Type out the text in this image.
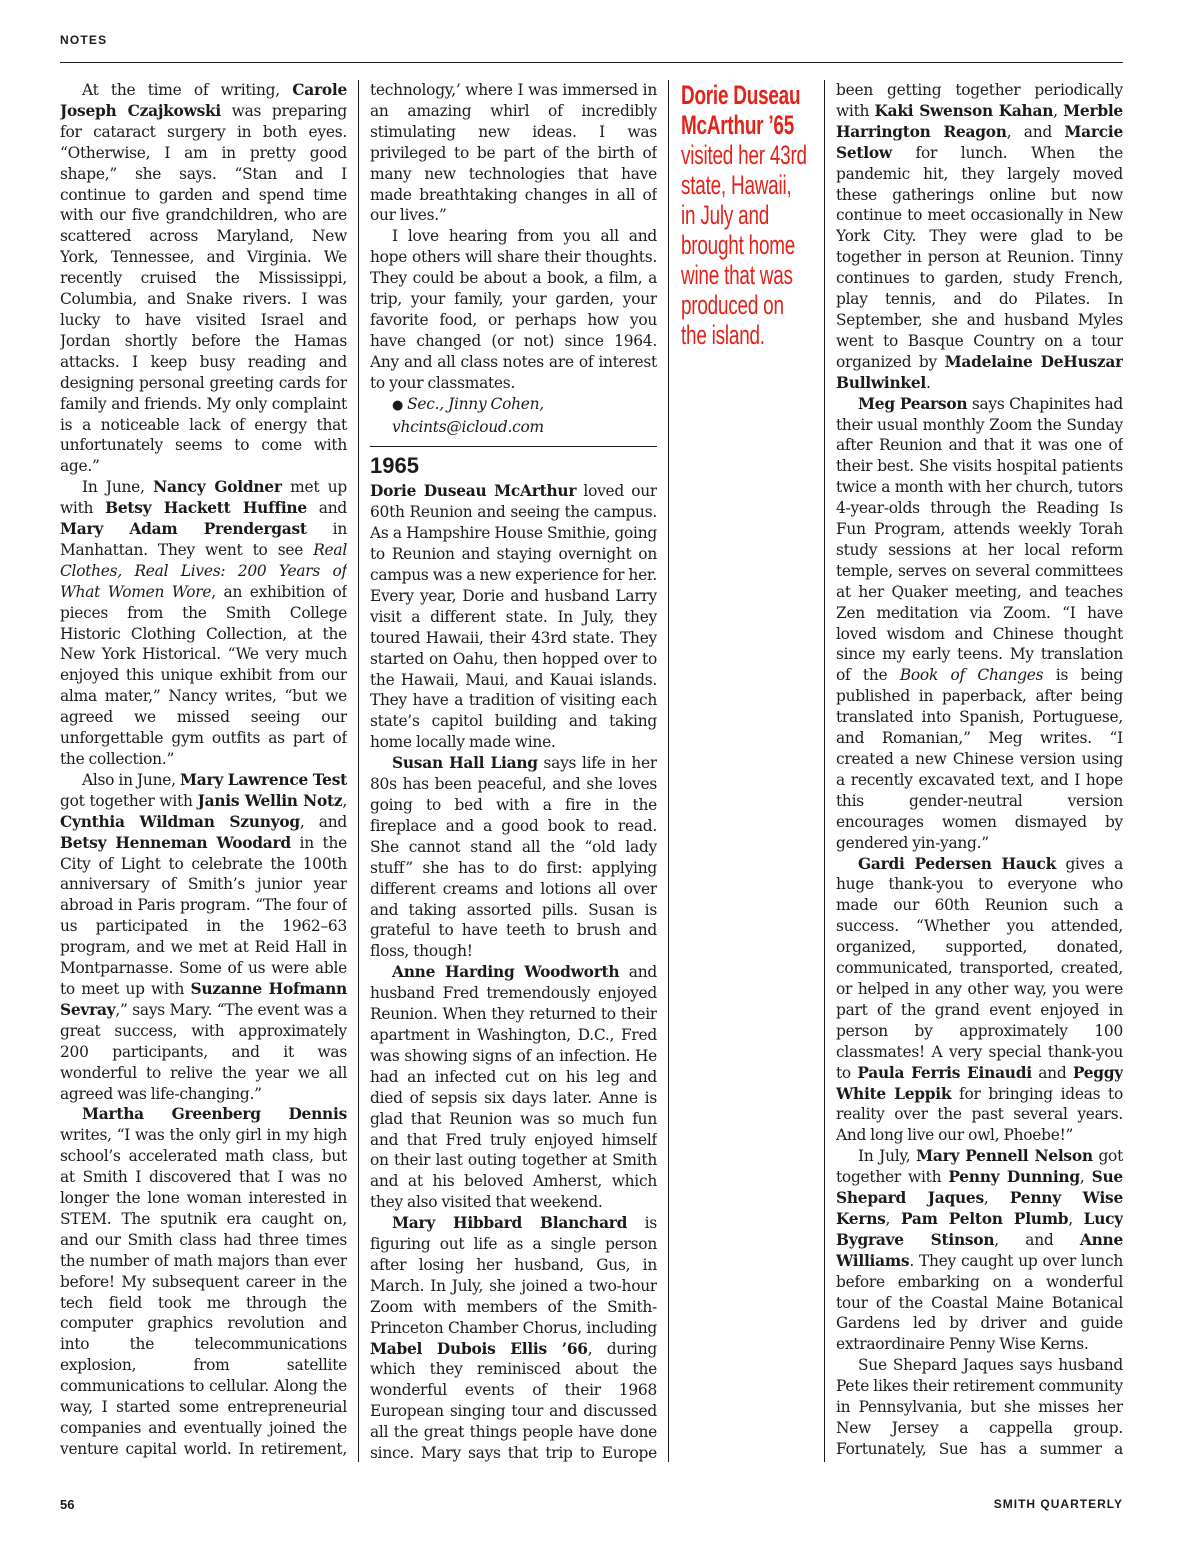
NOTES

At the time of writing, Carole Joseph Czajkowski was preparing for cataract surgery in both eyes. “Otherwise, I am in pretty good shape,” she says. “Stan and I continue to garden and spend time with our five grandchildren, who are scattered across Maryland, New York, Tennessee, and Virginia. We recently cruised the Mississippi, Columbia, and Snake rivers. I was lucky to have visited Israel and Jordan shortly before the Hamas attacks. I keep busy reading and designing personal greeting cards for family and friends. My only complaint is a noticeable lack of energy that unfortunately seems to come with age.”

In June, Nancy Goldner met up with Betsy Hackett Huffine and Mary Adam Prendergast in Manhattan. They went to see Real Clothes, Real Lives: 200 Years of What Women Wore, an exhibition of pieces from the Smith College Historic Clothing Collection, at the New York Historical. “We very much enjoyed this unique exhibit from our alma mater,” Nancy writes, “but we agreed we missed seeing our unforgettable gym outfits as part of the collection.”

Also in June, Mary Lawrence Test got together with Janis Wellin Notz, Cynthia Wildman Szunyog, and Betsy Henneman Woodard in the City of Light to celebrate the 100th anniversary of Smith’s junior year abroad in Paris program. “The four of us participated in the 1962–63 program, and we met at Reid Hall in Montparnasse. Some of us were able to meet up with Suzanne Hofmann Sevray,” says Mary. “The event was a great success, with approximately 200 participants, and it was wonderful to relive the year we all agreed was life-changing.”

Martha Greenberg Dennis writes, “I was the only girl in my high school’s accelerated math class, but at Smith I discovered that I was no longer the lone woman interested in STEM. The sputnik era caught on, and our Smith class had three times the number of math majors than ever before! My subsequent career in the tech field took me through the computer graphics revolution and into the telecommunications explosion, from satellite communications to cellular. Along the way, I started some entrepreneurial companies and eventually joined the venture capital world. In retirement,

technology,’ where I was immersed in an amazing whirl of incredibly stimulating new ideas. I was privileged to be part of the birth of many new technologies that have made breathtaking changes in all of our lives.”

I love hearing from you all and hope others will share their thoughts. They could be about a book, a film, a trip, your family, your garden, your favorite food, or perhaps how you have changed (or not) since 1964. Any and all class notes are of interest to your classmates.

● Sec., Jinny Cohen,

vhcints@icloud.com

1965

Dorie Duseau McArthur loved our 60th Reunion and seeing the campus. As a Hampshire House Smithie, going to Reunion and staying overnight on campus was a new experience for her. Every year, Dorie and husband Larry visit a different state. In July, they toured Hawaii, their 43rd state. They started on Oahu, then hopped over to the Hawaii, Maui, and Kauai islands. They have a tradition of visiting each state’s capitol building and taking home locally made wine.

Susan Hall Liang says life in her 80s has been peaceful, and she loves going to bed with a fire in the fireplace and a good book to read. She cannot stand all the “old lady stuff” she has to do first: applying different creams and lotions all over and taking assorted pills. Susan is grateful to have teeth to brush and floss, though!

Anne Harding Woodworth and husband Fred tremendously enjoyed Reunion. When they returned to their apartment in Washington, D.C., Fred was showing signs of an infection. He had an infected cut on his leg and died of sepsis six days later. Anne is glad that Reunion was so much fun and that Fred truly enjoyed himself on their last outing together at Smith and at his beloved Amherst, which they also visited that weekend.

Mary Hibbard Blanchard is figuring out life as a single person after losing her husband, Gus, in March. In July, she joined a two-hour Zoom with members of the Smith-Princeton Chamber Chorus, including Mabel Dubois Ellis ’66, during which they reminisced about the wonderful events of their 1968 European singing tour and discussed all the great things people have done since. Mary says that trip to Europe

Dorie Duseau McArthur ’65

visited her 43rd state, Hawaii, in July and brought home wine that was produced on the island.

been getting together periodically with Kaki Swenson Kahan, Merble Harrington Reagon, and Marcie Setlow for lunch. When the pandemic hit, they largely moved these gatherings online but now continue to meet occasionally in New York City. They were glad to be together in person at Reunion. Tinny continues to garden, study French, play tennis, and do Pilates. In September, she and husband Myles went to Basque Country on a tour organized by Madelaine DeHuszar Bullwinkel.

Meg Pearson says Chapinites had their usual monthly Zoom the Sunday after Reunion and that it was one of their best. She visits hospital patients twice a month with her church, tutors 4-year-olds through the Reading Is Fun Program, attends weekly Torah study sessions at her local reform temple, serves on several committees at her Quaker meeting, and teaches Zen meditation via Zoom. “I have loved wisdom and Chinese thought since my early teens. My translation of the Book of Changes is being published in paperback, after being translated into Spanish, Portuguese, and Romanian,” Meg writes. “I created a new Chinese version using a recently excavated text, and I hope this gender-neutral version encourages women dismayed by gendered yin-yang.”

Gardi Pedersen Hauck gives a huge thank-you to everyone who made our 60th Reunion such a success. “Whether you attended, organized, supported, donated, communicated, transported, created, or helped in any other way, you were part of the grand event enjoyed in person by approximately 100 classmates! A very special thank-you to Paula Ferris Einaudi and Peggy White Leppik for bringing ideas to reality over the past several years. And long live our owl, Phoebe!”

In July, Mary Pennell Nelson got together with Penny Dunning, Sue Shepard Jaques, Penny Wise Kerns, Pam Pelton Plumb, Lucy Bygrave Stinson, and Anne Williams. They caught up over lunch before embarking on a wonderful tour of the Coastal Maine Botanical Gardens led by driver and guide extraordinaire Penny Wise Kerns.

Sue Shepard Jaques says husband Pete likes their retirement community in Pennsylvania, but she misses her New Jersey a cappella group. Fortunately, Sue has a summer a

56	SMITH QUARTERLY
